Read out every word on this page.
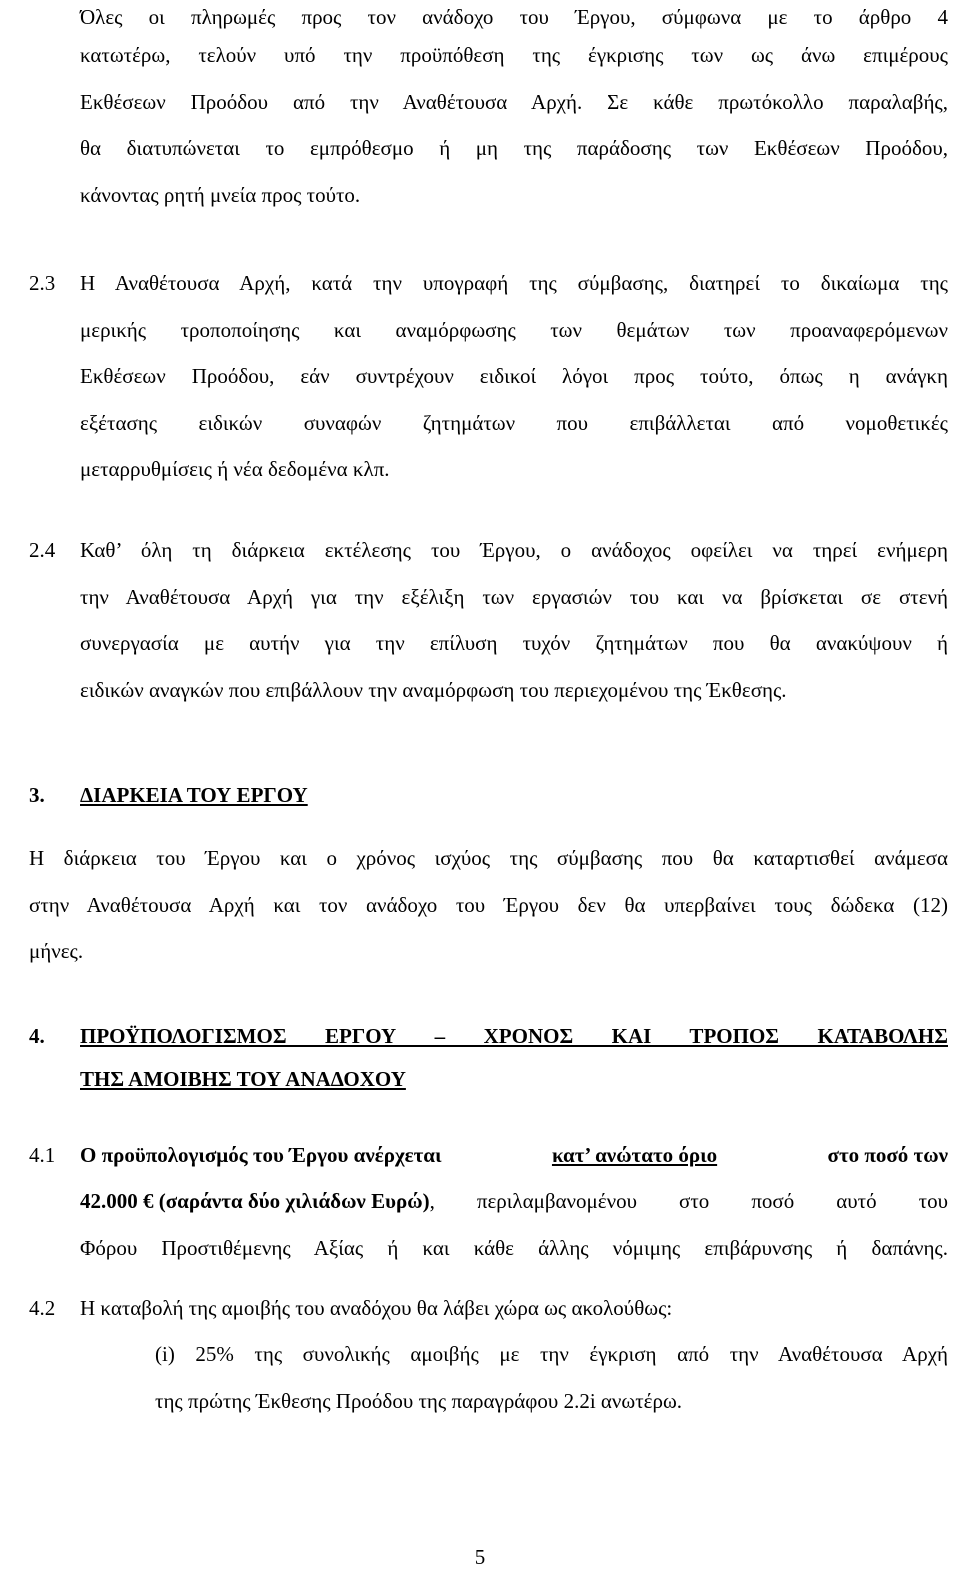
Όλες οι πληρωμές προς τον ανάδοχο του Έργου, σύμφωνα με το άρθρο 4
κατωτέρω, τελούν υπό την προϋπόθεση της έγκρισης των ως άνω επιμέρους
Εκθέσεων Προόδου από την Αναθέτουσα Αρχή. Σε κάθε πρωτόκολλο παραλαβής,
θα διατυπώνεται το εμπρόθεσμο ή μη της παράδοσης των Εκθέσεων Προόδου,
κάνοντας ρητή μνεία προς τούτο.
2.3 Η Αναθέτουσα Αρχή, κατά την υπογραφή της σύμβασης, διατηρεί το δικαίωμα της
μερικής τροποποίησης και αναμόρφωσης των θεμάτων των προαναφερόμενων
Εκθέσεων Προόδου, εάν συντρέχουν ειδικοί λόγοι προς τούτο, όπως η ανάγκη
εξέτασης ειδικών συναφών ζητημάτων που επιβάλλεται από νομοθετικές
μεταρρυθμίσεις ή νέα δεδομένα κλπ.
2.4 Καθ’ όλη τη διάρκεια εκτέλεσης του Έργου, ο ανάδοχος οφείλει να τηρεί ενήμερη
την Αναθέτουσα Αρχή για την εξέλιξη των εργασιών του και να βρίσκεται σε στενή
συνεργασία με αυτήν για την επίλυση τυχόν ζητημάτων που θα ανακύψουν ή
ειδικών αναγκών που επιβάλλουν την αναμόρφωση του περιεχομένου της Έκθεσης.
3. ΔΙΑΡΚΕΙΑ ΤΟΥ ΕΡΓΟΥ
Η διάρκεια του Έργου και ο χρόνος ισχύος της σύμβασης που θα καταρτισθεί ανάμεσα
στην Αναθέτουσα Αρχή και τον ανάδοχο του Έργου δεν θα υπερβαίνει τους δώδεκα (12)
μήνες.
4. ΠΡΟΫΠΟΛΟΓΙΣΜΟΣ ΕΡΓΟΥ – ΧΡΟΝΟΣ ΚΑΙ ΤΡΟΠΟΣ ΚΑΤΑΒΟΛΗΣ
ΤΗΣ ΑΜΟΙΒΗΣ ΤΟΥ ΑΝΑΔΟΧΟΥ
4.1 Ο προϋπολογισμός του Έργου ανέρχεται	κατ’ ανώτατο όριο	στο ποσό των
42.000 € (σαράντα δύο χιλιάδων Ευρώ) , περιλαμβανομένου στο ποσό αυτό του
Φόρου Προστιθέμενης Αξίας ή και κάθε άλλης νόμιμης επιβάρυνσης ή δαπάνης.
4.2 Η καταβολή της αμοιβής του αναδόχου θα λάβει χώρα ως ακολούθως:
(i) 25% της συνολικής αμοιβής με την έγκριση από την Αναθέτουσα Αρχή
της πρώτης Έκθεσης Προόδου της παραγράφου 2.2i ανωτέρω.
5
